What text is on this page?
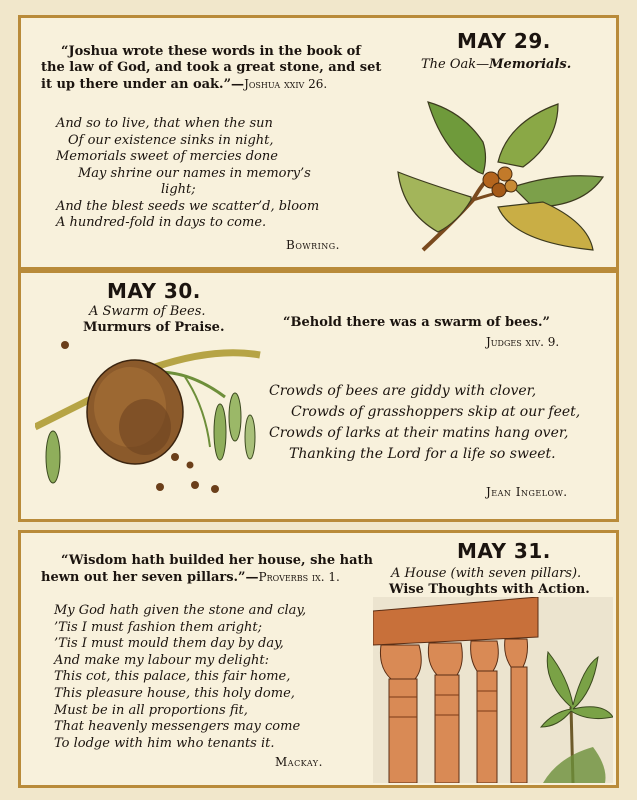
MAY 29.
The Oak—Memorials.
“Joshua wrote these words in the book of
the law of God, and took a great stone, and set
it up there under an oak.”—Joshua xxiv 26.
And so to live, that when the sun
Of our existence sinks in night,
Memorials sweet of mercies done
May shrine our names in memory’s
light;
And the blest seeds we scatter’d, bloom
A hundred-fold in days to come.
Bowring.
MAY 30.
A Swarm of Bees.
Murmurs of Praise.	“Behold there was a swarm of bees.”
Judges xiv. 9.
Crowds of bees are giddy with clover,
Crowds of grasshoppers skip at our feet,
Crowds of larks at their matins hang over,
Thanking the Lord for a life so sweet.
Jean Ingelow.
MAY 31.
A House (with seven pillars).
Wise Thoughts with Action.
“Wisdom hath builded her house, she hath
hewn out her seven pillars.”—Proverbs ix. 1.
My God hath given the stone and clay,
’Tis I must fashion them aright;
’Tis I must mould them day by day,
And make my labour my delight:
This cot, this palace, this fair home,
This pleasure house, this holy dome,
Must be in all proportions fit,
That heavenly messengers may come
To lodge with him who tenants it.
Mackay.
